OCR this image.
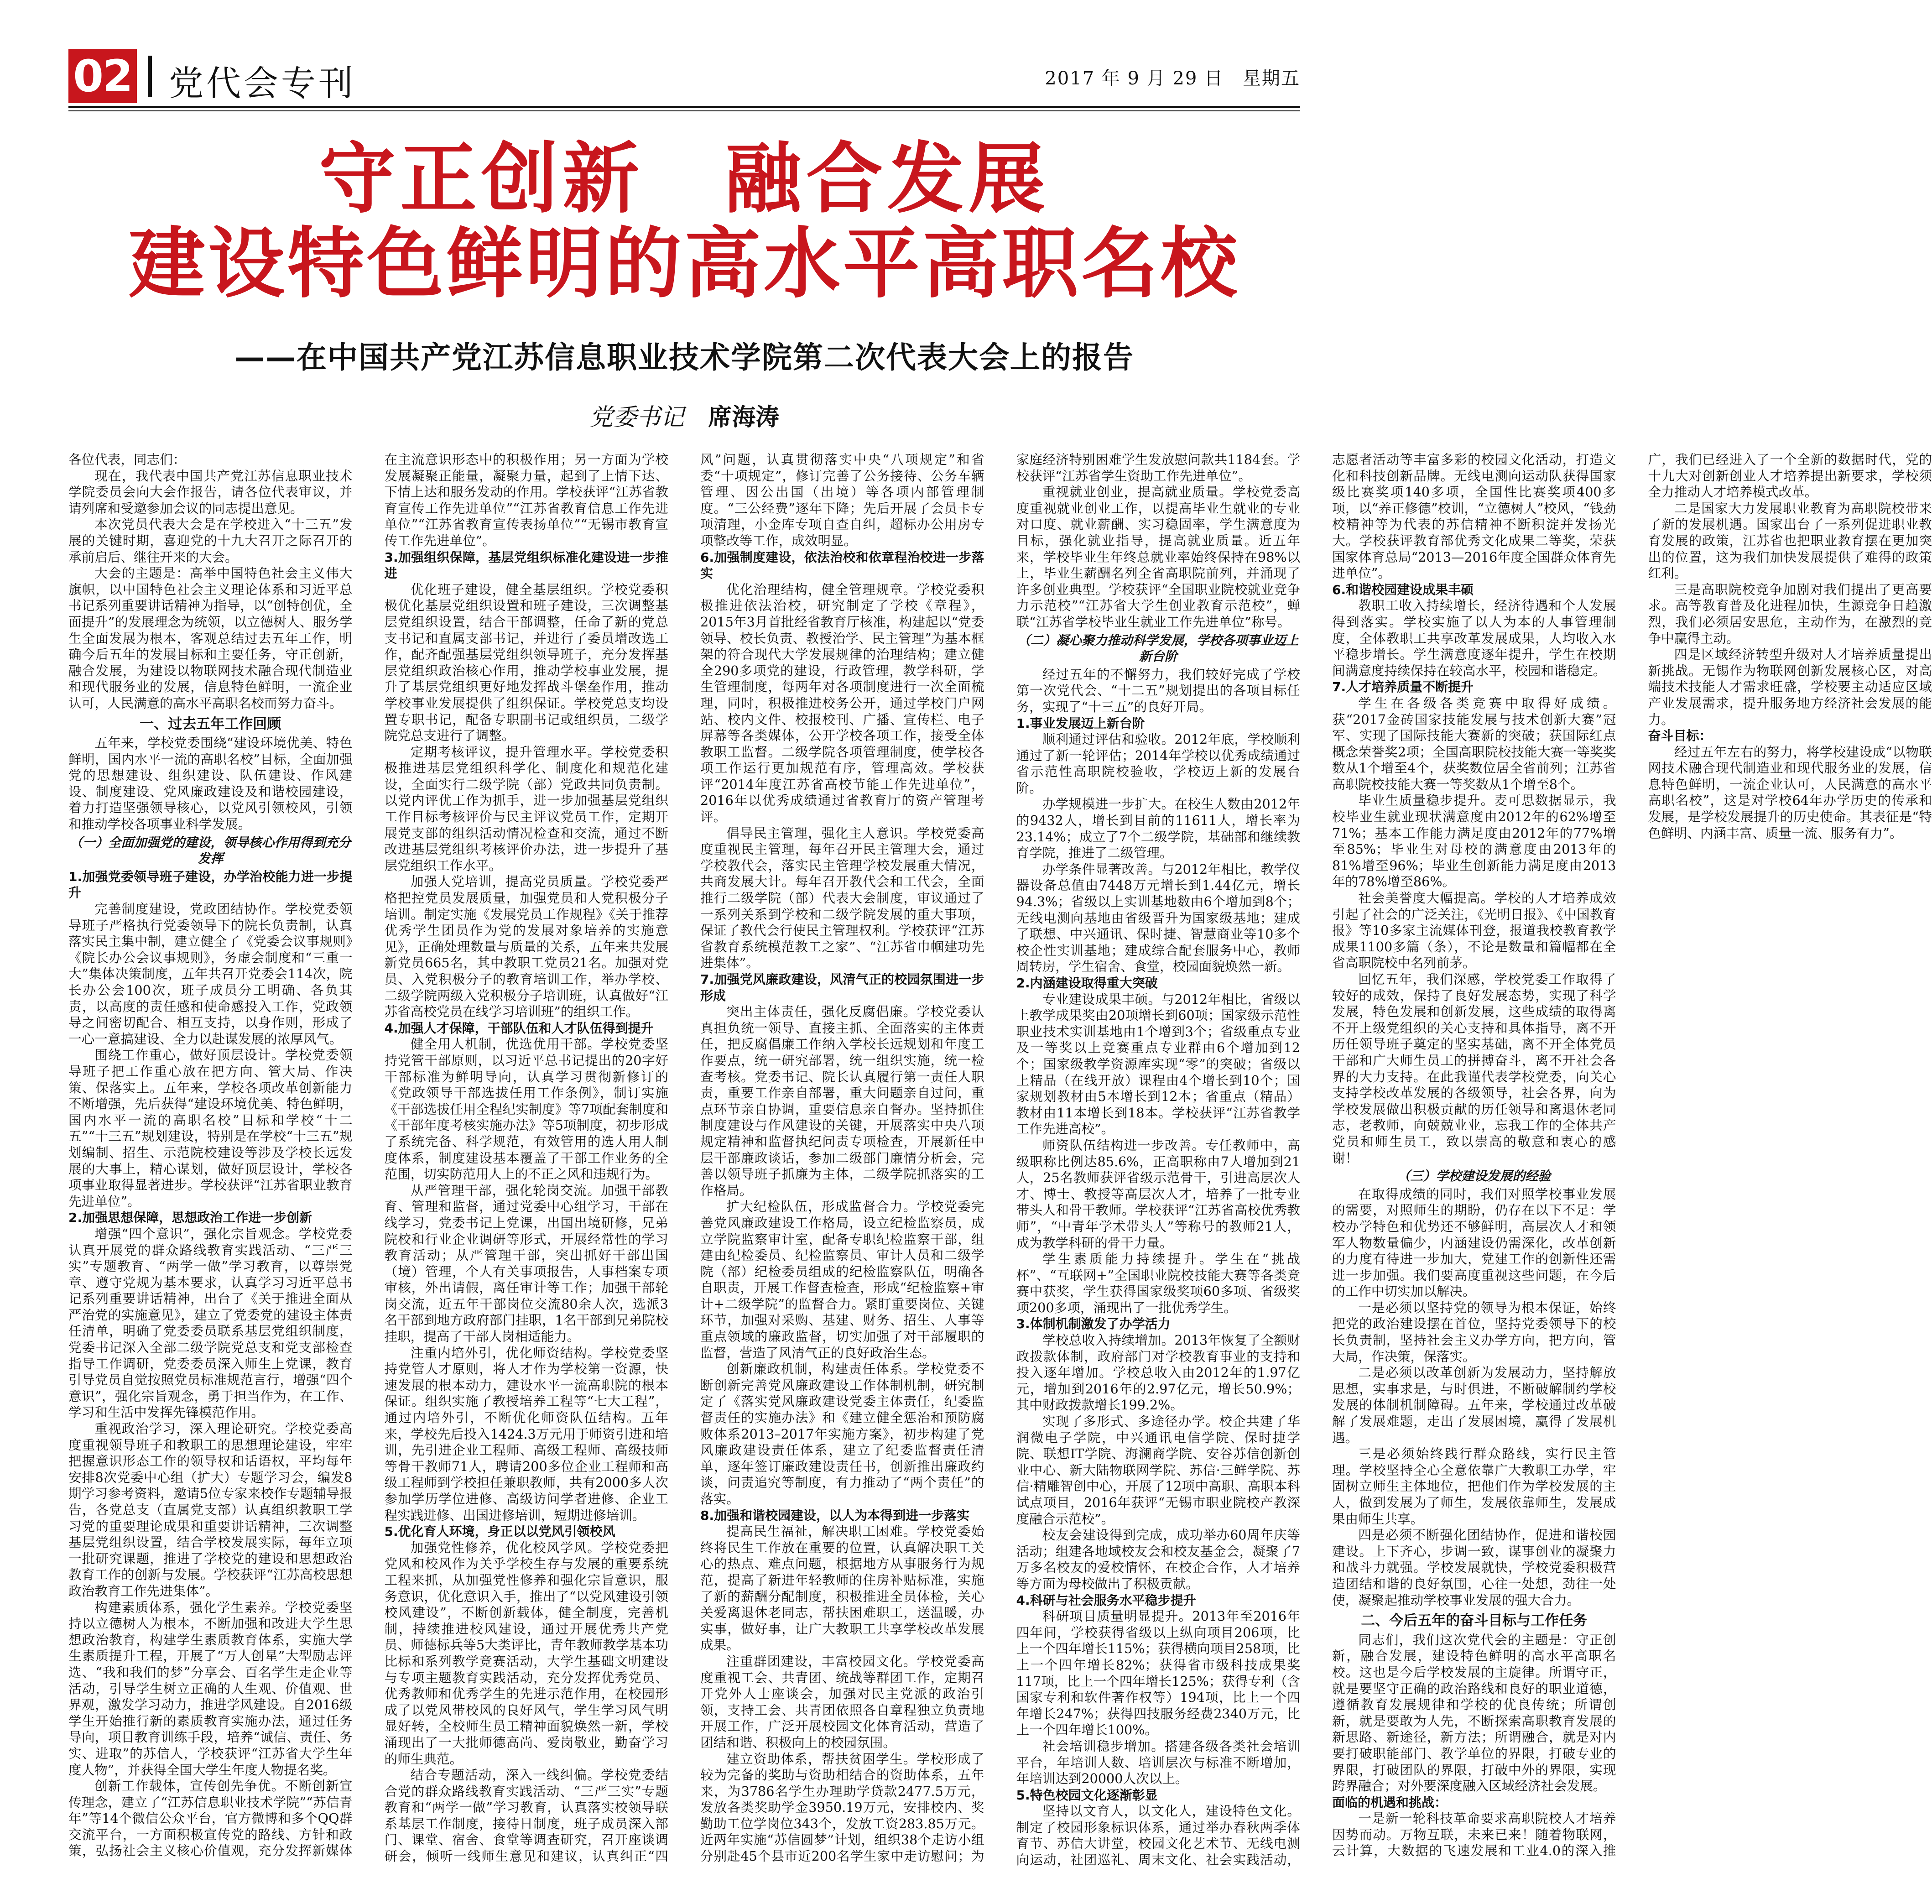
02 党代会专刊	2017 年 9 月 29 日　星期五
守正创新　融合发展
建设特色鲜明的高水平高职名校
——在中国共产党江苏信息职业技术学院第二次代表大会上的报告
党委书记 席海涛

各位代表，同志们：

现在，我代表中国共产党江苏信息职业技术学院委员会向大会作报告，请各位代表审议，并请列席和受邀参加会议的同志提出意见。

本次党员代表大会是在学校进入“十三五”发展的关键时期，喜迎党的十九大召开之际召开的承前启后、继往开来的大会。

大会的主题是：高举中国特色社会主义伟大旗帜，以中国特色社会主义理论体系和习近平总书记系列重要讲话精神为指导，以“创特创优，全面提升”的发展理念为统领，以立德树人、服务学生全面发展为根本，客观总结过去五年工作，明确今后五年的发展目标和主要任务，守正创新，融合发展，为建设以物联网技术融合现代制造业和现代服务业的发展，信息特色鲜明，一流企业认可，人民满意的高水平高职名校而努力奋斗。

一、过去五年工作回顾

五年来，学校党委围绕“建设环境优美、特色鲜明，国内水平一流的高职名校”目标，全面加强党的思想建设、组织建设、队伍建设、作风建设、制度建设、党风廉政建设及和谐校园建设，着力打造坚强领导核心，以党风引领校风，引领和推动学校各项事业科学发展。

（一）全面加强党的建设，领导核心作用得到充分发挥

1.加强党委领导班子建设，办学治校能力进一步提升

完善制度建设，党政团结协作。学校党委领导班子严格执行党委领导下的院长负责制，认真落实民主集中制，建立健全了《党委会议事规则》《院长办公会议事规则》，务虚会制度和“三重一大”集体决策制度，五年共召开党委会114次，院长办公会100次，班子成员分工明确、各负其责，以高度的责任感和使命感投入工作，党政领导之间密切配合、相互支持，以身作则，形成了一心一意搞建设、全力以赴谋发展的浓厚风气。

围绕工作重心，做好顶层设计。学校党委领导班子把工作重心放在把方向、管大局、作决策、保落实上。五年来，学校各项改革创新能力不断增强，先后获得“建设环境优美、特色鲜明，国内水平一流的高职名校”目标和学校“十二五”“十三五”规划建设，特别是在学校“十三五”规划编制、招生、示范院校建设等涉及学校长远发展的大事上，精心谋划，做好顶层设计，学校各项事业取得显著进步。学校获评“江苏省职业教育先进单位”。

2.加强思想保障，思想政治工作进一步创新

增强“四个意识”，强化宗旨观念。学校党委认真开展党的群众路线教育实践活动、“三严三实”专题教育、“两学一做”学习教育，以尊崇党章、遵守党规为基本要求，认真学习习近平总书记系列重要讲话精神，出台了《关于推进全面从严治党的实施意见》，建立了党委党的建设主体责任清单，明确了党委委员联系基层党组织制度，党委书记深入全部二级学院党总支和党支部检查指导工作调研，党委委员深入师生上党课，教育引导党员自觉按照党员标准规范言行，增强“四个意识”，强化宗旨观念，勇于担当作为，在工作、学习和生活中发挥先锋模范作用。

重视政治学习，深入理论研究。学校党委高度重视领导班子和教职工的思想理论建设，牢牢把握意识形态工作的领导权和话语权，平均每年安排8次党委中心组（扩大）专题学习会，编发8期学习参考资料，邀请5位专家来校作专题辅导报告，各党总支（直属党支部）认真组织教职工学习党的重要理论成果和重要讲话精神，三次调整基层党组织设置，结合学校发展实际，每年立项一批研究课题，推进了学校党的建设和思想政治教育工作的创新与发展。学校获评“江苏高校思想政治教育工作先进集体”。

构建素质体系，强化学生素养。学校党委坚持以立德树人为根本，不断加强和改进大学生思想政治教育，构建学生素质教育体系，实施大学生素质提升工程，开展了“万人创星”大型励志评选、“我和我们的梦”分享会、百名学生走企业等活动，引导学生树立正确的人生观、价值观、世界观，激发学习动力，推进学风建设。自2016级学生开始推行新的素质教育实施办法，通过任务导向，项目教育训练手段，培养“诚信、责任、务实、进取”的苏信人，学校获评“江苏省大学生年度人物”，并获得全国大学生年度人物提名奖。

创新工作载体，宣传创先争优。不断创新宣传理念，建立了“江苏信息职业技术学院”“苏信青年”等14个微信公众平台，官方微博和多个QQ群交流平台，一方面积极宣传党的路线、方针和政策，弘扬社会主义核心价值观，充分发挥新媒体在主流意识形态中的积极作用；另一方面为学校发展凝聚正能量，凝聚力量，起到了上情下达、下情上达和服务发动的作用。学校获评“江苏省教育宣传工作先进单位”“江苏省教育信息工作先进单位”“江苏省教育宣传表扬单位”“无锡市教育宣传工作先进单位”。

3.加强组织保障，基层党组织标准化建设进一步推进

优化班子建设，健全基层组织。学校党委积极优化基层党组织设置和班子建设，三次调整基层党组织设置，结合干部调整，任命了新的党总支书记和直属支部书记，并进行了委员增改选工作，配齐配强基层党组织领导班子，充分发挥基层党组织政治核心作用，推动学校事业发展，提升了基层党组织更好地发挥战斗堡垒作用，推动学校事业发展提供了组织保证。学校党总支均设置专职书记，配备专职副书记或组织员，二级学院党总支进行了调整。

定期考核评议，提升管理水平。学校党委积极推进基层党组织科学化、制度化和规范化建设，全面实行二级学院（部）党政共同负责制。以党内评优工作为抓手，进一步加强基层党组织工作目标考核评价与民主评议党员工作，定期开展党支部的组织活动情况检查和交流，通过不断改进基层党组织考核评价办法，进一步提升了基层党组织工作水平。

加强人党培训，提高党员质量。学校党委严格把控党员发展质量，加强党员和人党积极分子培训。制定实施《发展党员工作规程》《关于推荐优秀学生团员作为党的发展对象培养的实施意见》，正确处理数量与质量的关系，五年来共发展新党员665名，其中教职工党员21名。加强对党员、入党积极分子的教育培训工作，举办学校、二级学院两级入党积极分子培训班，认真做好“江苏省高校党员在线学习培训班”的组织工作。

4.加强人才保障，干部队伍和人才队伍得到提升

健全用人机制，优选优用干部。学校党委坚持党管干部原则，以习近平总书记提出的20字好干部标准为鲜明导向，认真学习贯彻新修订的《党政领导干部选拔任用工作条例》，制订实施《干部选拔任用全程纪实制度》等7项配套制度和《干部年度考核实施办法》等5项制度，初步形成了系统完备、科学规范，有效管用的选人用人制度体系，制度建设基本覆盖了干部工作业务的全范围，切实防范用人上的不正之风和违规行为。

从严管理干部，强化轮岗交流。加强干部教育、管理和监督，通过党委中心组学习，干部在线学习，党委书记上党课，出国出境研修，兄弟院校和行业企业调研等形式，开展经常性的学习教育活动；从严管理干部，突出抓好干部出国（境）管理，个人有关事项报告，人事档案专项审核，外出请假，离任审计等工作；加强干部轮岗交流，近五年干部岗位交流80余人次，选派3名干部到地方政府部门挂职，1名干部到兄弟院校挂职，提高了干部人岗相适能力。

注重内培外引，优化师资结构。学校党委坚持党管人才原则，将人才作为学校第一资源，快速发展的根本动力，建设水平一流高职院的根本保证。组织实施了教授培养工程等“七大工程”，通过内培外引，不断优化师资队伍结构。五年来，学校先后投入1424.3万元用于师资引进和培训，先引进企业工程师、高级工程师、高级技师等骨干教师71人，聘请200多位企业工程师和高级工程师到学校担任兼职教师，共有2000多人次参加学历学位进修、高级访问学者进修、企业工程实践进修、出国进修培训，短期进修培训。

5.优化育人环境，身正以以党风引领校风

加强党性修养，优化校风学风。学校党委把党风和校风作为关乎学校生存与发展的重要系统工程来抓，从加强党性修养和强化宗旨意识，服务意识，优化意识入手，推出了“以党风建设引领校风建设”，不断创新载体，健全制度，完善机制，持续推进校风建设，通过开展优秀共产党员、师德标兵等5大类评比，青年教师教学基本功比标和系列教学竞赛活动，大学生基础文明建设与专项主题教育实践活动，充分发挥优秀党员、优秀教师和优秀学生的先进示范作用，在校园形成了以党风带校风的良好风气，学生学习风气明显好转，全校师生员工精神面貌焕然一新，学校涌现出了一大批师德高尚、爱岗敬业，勤奋学习的师生典范。

结合专题活动，深入一线纠偏。学校党委结合党的群众路线教育实践活动、“三严三实”专题教育和“两学一做”学习教育，认真落实校领导联系基层工作制度，接待日制度，班子成员深入部门、课堂、宿舍、食堂等调查研究，召开座谈调研会，倾听一线师生意见和建议，认真纠正“四风”问题，认真贯彻落实中央“八项规定”和省委“十项规定”，修订完善了公务接待、公务车辆管理、因公出国（出境）等各项内部管理制度。“三公经费”逐年下降；先后开展了会员卡专项清理，小金库专项自查自纠，超标办公用房专项整改等工作，成效明显。

6.加强制度建设，依法治校和依章程治校进一步落实

优化治理结构，健全管理规章。学校党委积极推进依法治校，研究制定了学校《章程》，2015年3月首批经省教育厅核准，构建起以“党委领导、校长负责、教授治学、民主管理”为基本框架的符合现代大学发展规律的治理结构；建立健全290多项党的建设，行政管理，教学科研，学生管理制度，每两年对各项制度进行一次全面梳理，同时，积极推进校务公开，通过学校门户网站、校内文件、校报校刊、广播、宣传栏、电子屏幕等各类媒体，公开学校各项工作，接受全体教职工监督。二级学院各项管理制度，使学校各项工作运行更加规范有序，管理高效。学校获评“2014年度江苏省高校节能工作先进单位”，2016年以优秀成绩通过省教育厅的资产管理考评。

倡导民主管理，强化主人意识。学校党委高度重视民主管理，每年召开民主管理大会，通过学校教代会，落实民主管理学校发展重大情况，共商发展大计。每年召开教代会和工代会，全面推行二级学院（部）代表大会制度，审议通过了一系列关系到学校和二级学院发展的重大事项，保证了教代会行使民主管理权利。学校获评“江苏省教育系统模范教工之家”、“江苏省巾帼建功先进集体”。

7.加强党风廉政建设，风清气正的校园氛围进一步形成

突出主体责任，强化反腐倡廉。学校党委认真担负统一领导、直接主抓、全面落实的主体责任，把反腐倡廉工作纳入学校长远规划和年度工作要点，统一研究部署，统一组织实施，统一检查考核。党委书记、院长认真履行第一责任人职责，重要工作亲自部署，重大问题亲自过问，重点环节亲自协调，重要信息亲自督办。坚持抓住制度建设与作风建设的关键，开展落实中央八项规定精神和监督执纪问责专项检查，开展新任中层干部廉政谈话，参加二级部门廉情分析会，完善以领导班子抓廉为主体，二级学院抓落实的工作格局。

扩大纪检队伍，形成监督合力。学校党委完善党风廉政建设工作格局，设立纪检监察员，成立学院监察审计室，配备专职纪检监察干部，组建由纪检委员、纪检监察员、审计人员和二级学院（部）纪检委员组成的纪检监察队伍，明确各自职责，开展工作督查检查，形成“纪检监察+审计+二级学院”的监督合力。紧盯重要岗位、关键环节，加强对采购、基建、财务、招生、人事等重点领域的廉政监督，切实加强了对干部履职的监督，营造了风清气正的良好政治生态。

创新廉政机制，构建责任体系。学校党委不断创新完善党风廉政建设工作体制机制，研究制定了《落实党风廉政建设党委主体责任，纪委监督责任的实施办法》和《建立健全惩治和预防腐败体系2013–2017年实施方案》，初步构建了党风廉政建设责任体系，建立了纪委监督责任清单，逐年签订廉政建设责任书，创新推出廉政约谈，问责追究等制度，有力推动了“两个责任”的落实。

8.加强和谐校园建设，以人为本得到进一步落实

提高民生福祉，解决职工困难。学校党委始终将民生工作放在重要的位置，认真解决职工关心的热点、难点问题，根据地方从事服务行为规范，提高了新进年轻教师的住房补贴标准，实施了新的薪酬分配制度，积极推进全员体检，关心关爱离退休老同志，帮扶困难职工，送温暖，办实事，做好事，让广大教职工共享学校改革发展成果。

注重群团建设，丰富校园文化。学校党委高度重视工会、共青团、统战等群团工作，定期召开党外人士座谈会，加强对民主党派的政治引领，支持工会、共青团依照各自章程独立负责地开展工作，广泛开展校园文化体育活动，营造了团结和谐、积极向上的校园氛围。

建立资助体系，帮扶贫困学生。学校形成了较为完备的奖助与资助相结合的资助体系，五年来，为3786名学生办理助学贷款2477.5万元，发放各类奖助学金3950.19万元，安排校内、奖勤助工位学岗位343个，发放工资283.85万元。近两年实施“苏信圆梦”计划，组织38个走访小组分别赴45个县市近200名学生家中走访慰问；为家庭经济特别困难学生发放慰问款共1184套。学校获评“江苏省学生资助工作先进单位”。

重视就业创业，提高就业质量。学校党委高度重视就业创业工作，以提高毕业生就业的专业对口度、就业薪酬、实习稳固率，学生满意度为目标，强化就业指导，提高就业质量。近五年来，学校毕业生年终总就业率始终保持在98%以上，毕业生薪酬名列全省高职院前列，并涌现了许多创业典型。学校获评“全国职业院校就业竞争力示范校”“江苏省大学生创业教育示范校”，蝉联“江苏省学校毕业生就业工作先进单位”称号。

（二）凝心聚力推动科学发展，学校各项事业迈上新台阶

经过五年的不懈努力，我们较好完成了学校第一次党代会、“十二五”规划提出的各项目标任务，实现了“十三五”的良好开局。

1.事业发展迈上新台阶

顺利通过评估和验收。2012年底，学校顺利通过了新一轮评估；2014年学校以优秀成绩通过省示范性高职院校验收，学校迈上新的发展台阶。

办学规模进一步扩大。在校生人数由2012年的9432人，增长到目前的11611人，增长率为23.14%；成立了7个二级学院，基础部和继续教育学院，推进了二级管理。

办学条件显著改善。与2012年相比，教学仪器设备总值由7448万元增长到1.44亿元，增长94.3%；省级以上实训基地数由6个增加到8个；无线电测向基地由省级晋升为国家级基地；建成了联想、中兴通讯、保时捷、智慧商业等10多个校企性实训基地；建成综合配套服务中心，教师周转房，学生宿舍、食堂，校园面貌焕然一新。

2.内涵建设取得重大突破

专业建设成果丰硕。与2012年相比，省级以上教学成果奖由20项增长到60项；国家级示范性职业技术实训基地由1个增到3个；省级重点专业及一等奖以上竞赛重点专业群由6个增加到12个；国家级教学资源库实现“零”的突破；省级以上精品（在线开放）课程由4个增长到10个；国家规划教材由5本增长到12本；省重点（精品）教材由11本增长到18本。学校获评“江苏省教学工作先进高校”。

师资队伍结构进一步改善。专任教师中，高级职称比例达85.6%，正高职称由7人增加到21人，25名教师获评省级示范骨干，引进高层次人才、博士、教授等高层次人才，培养了一批专业带头人和骨干教师。学校获评“江苏省高校优秀教师”，“中青年学术带头人”等称号的教师21人，成为教学科研的骨干力量。

学生素质能力持续提升。学生在“挑战杯”、“互联网+”全国职业院校技能大赛等各类竞赛中获奖，学生获得国家级奖项60多项、省级奖项200多项，涌现出了一批优秀学生。

3.体制机制激发了办学活力

学校总收入持续增加。2013年恢复了全额财政拨款体制，政府部门对学校教育事业的支持和投入逐年增加。学校总收入由2012年的1.97亿元，增加到2016年的2.97亿元，增长50.9%；其中财政拨款增长199.2%。

实现了多形式、多途径办学。校企共建了华润微电子学院，中兴通讯电信学院、保时捷学院、联想IT学院、海澜商学院、安谷苏信创新创业中心、新大陆物联网学院、苏信·三鲜学院、苏信·精雕智创中心，开展了12项中高职、高职本科试点项目，2016年获评“无锡市职业院校产教深度融合示范校”。

校友会建设得到完成，成功举办60周年庆等活动；组建各地域校友会和校友基金会，凝聚了7万多名校友的爱校情怀，在校企合作，人才培养等方面为母校做出了积极贡献。

4.科研与社会服务水平稳步提升

科研项目质量明显提升。2013年至2016年四年间，学校获得省级以上纵向项目206项，比上一个四年增长115%；获得横向项目258项，比上一个四年增长82%；获得省市级科技成果奖117项，比上一个四年增长125%；获得专利（含国家专利和软件著作权等）194项，比上一个四年增长247%；获得四技服务经费2340万元，比上一个四年增长100%。

社会培训稳步增加。搭建各级各类社会培训平台，年培训人数、培训层次与标准不断增加，年培训达到20000人次以上。

5.特色校园文化逐渐彰显

坚持以文育人，以文化人，建设特色文化。制定了校园形象标识体系，通过举办春秋两季体育节、苏信大讲堂，校园文化艺术节、无线电测向运动，社团巡礼、周末文化、社会实践活动，志愿者活动等丰富多彩的校园文化活动，打造文化和科技创新品牌。无线电测向运动队获得国家级比赛奖项140多项，全国性比赛奖项400多项，以“养正修德”校训，“立德树人”校风，“钱劲校精神等为代表的苏信精神不断积淀并发扬光大。学校获评教育部优秀文化成果二等奖，荣获国家体育总局“2013—2016年度全国群众体育先进单位”。

6.和谐校园建设成果丰硕

教职工收入持续增长，经济待遇和个人发展得到落实。学校实施了以人为本的人事管理制度，全体教职工共享改革发展成果，人均收入水平稳步增长。学生满意度逐年提升，学生在校期间满意度持续保持在较高水平，校园和谐稳定。

7.人才培养质量不断提升

学生在各级各类竞赛中取得好成绩。获“2017金砖国家技能发展与技术创新大赛”冠军、实现了国际技能大赛新的突破；获国际红点概念荣誉奖2项；全国高职院校技能大赛一等奖奖数从1个增至4个，获奖数位居全省前列；江苏省高职院校技能大赛一等奖数从1个增至8个。

毕业生质量稳步提升。麦可思数据显示，我校毕业生就业现状满意度由2012年的62%增至71%；基本工作能力满足度由2012年的77%增至85%；毕业生对母校的满意度由2013年的81%增至96%；毕业生创新能力满足度由2013年的78%增至86%。

社会美誉度大幅提高。学校的人才培养成效引起了社会的广泛关注，《光明日报》、《中国教育报》等10多家主流媒体刊登，报道我校教育教学成果1100多篇（条），不论是数量和篇幅都在全省高职院校中名列前茅。

回忆五年，我们深感，学校党委工作取得了较好的成效，保持了良好发展态势，实现了科学发展，特色发展和创新发展，这些成绩的取得离不开上级党组织的关心支持和具体指导，离不开历任领导班子奠定的坚实基础，离不开全体党员干部和广大师生员工的拼搏奋斗，离不开社会各界的大力支持。在此我谨代表学校党委，向关心支持学校改革发展的各级领导，社会各界，向为学校发展做出积极贡献的历任领导和离退休老同志，老教师，向兢兢业业，忘我工作的全体共产党员和师生员工，致以崇高的敬意和衷心的感谢！

（三）学校建设发展的经验

在取得成绩的同时，我们对照学校事业发展的需要，对照师生的期盼，仍存在以下不足：学校办学特色和优势还不够鲜明，高层次人才和领军人物数量偏少，内涵建设仍需深化，改革创新的力度有待进一步加大，党建工作的创新性还需进一步加强。我们要高度重视这些问题，在今后的工作中切实加以解决。

一是必须以坚持党的领导为根本保证，始终把党的政治建设摆在首位，坚持党委领导下的校长负责制，坚持社会主义办学方向，把方向，管大局，作决策，保落实。

二是必须以改革创新为发展动力，坚持解放思想，实事求是，与时俱进，不断破解制约学校发展的体制机制障碍。五年来，学校通过改革破解了发展难题，走出了发展困境，赢得了发展机遇。

三是必须始终践行群众路线，实行民主管理。学校坚持全心全意依靠广大教职工办学，牢固树立师生主体地位，把他们作为学校发展的主人，做到发展为了师生，发展依靠师生，发展成果由师生共享。

四是必须不断强化团结协作，促进和谐校园建设。上下齐心，步调一致，谋事创业的凝聚力和战斗力就强。学校发展就快，学校党委积极营造团结和谐的良好氛围，心往一处想，劲往一处使，凝聚起推动学校事业发展的强大合力。

二、今后五年的奋斗目标与工作任务

同志们，我们这次党代会的主题是：守正创新，融合发展，建设特色鲜明的高水平高职名校。这也是今后学校发展的主旋律。所谓守正，就是要坚守正确的政治路线和良好的职业道德，遵循教育发展规律和学校的优良传统；所谓创新，就是要敢为人先，不断探索高职教育发展的新思路、新途径，新方法；所谓融合，就是对内要打破职能部门、教学单位的界限，打破专业的界限，打破团队的界限，打破中外的界限，实现跨界融合；对外要深度融入区域经济社会发展。

面临的机遇和挑战：

一是新一轮科技革命要求高职院校人才培养因势而动。万物互联，未来已来！随着物联网，云计算，大数据的飞速发展和工业4.0的深入推广，我们已经进入了一个全新的数据时代，党的十九大对创新创业人才培养提出新要求，学校须全力推动人才培养模式改革。

二是国家大力发展职业教育为高职院校带来了新的发展机遇。国家出台了一系列促进职业教育发展的政策，江苏省也把职业教育摆在更加突出的位置，这为我们加快发展提供了难得的政策红利。

三是高职院校竞争加剧对我们提出了更高要求。高等教育普及化进程加快，生源竞争日趋激烈，我们必须居安思危，主动作为，在激烈的竞争中赢得主动。

四是区域经济转型升级对人才培养质量提出新挑战。无锡作为物联网创新发展核心区，对高端技术技能人才需求旺盛，学校要主动适应区域产业发展需求，提升服务地方经济社会发展的能力。

奋斗目标：

经过五年左右的努力，将学校建设成“以物联网技术融合现代制造业和现代服务业的发展，信息特色鲜明，一流企业认可，人民满意的高水平高职名校”，这是对学校64年办学历史的传承和发展，是学校发展提升的历史使命。其表征是“特色鲜明、内涵丰富、质量一流、服务有力”。
